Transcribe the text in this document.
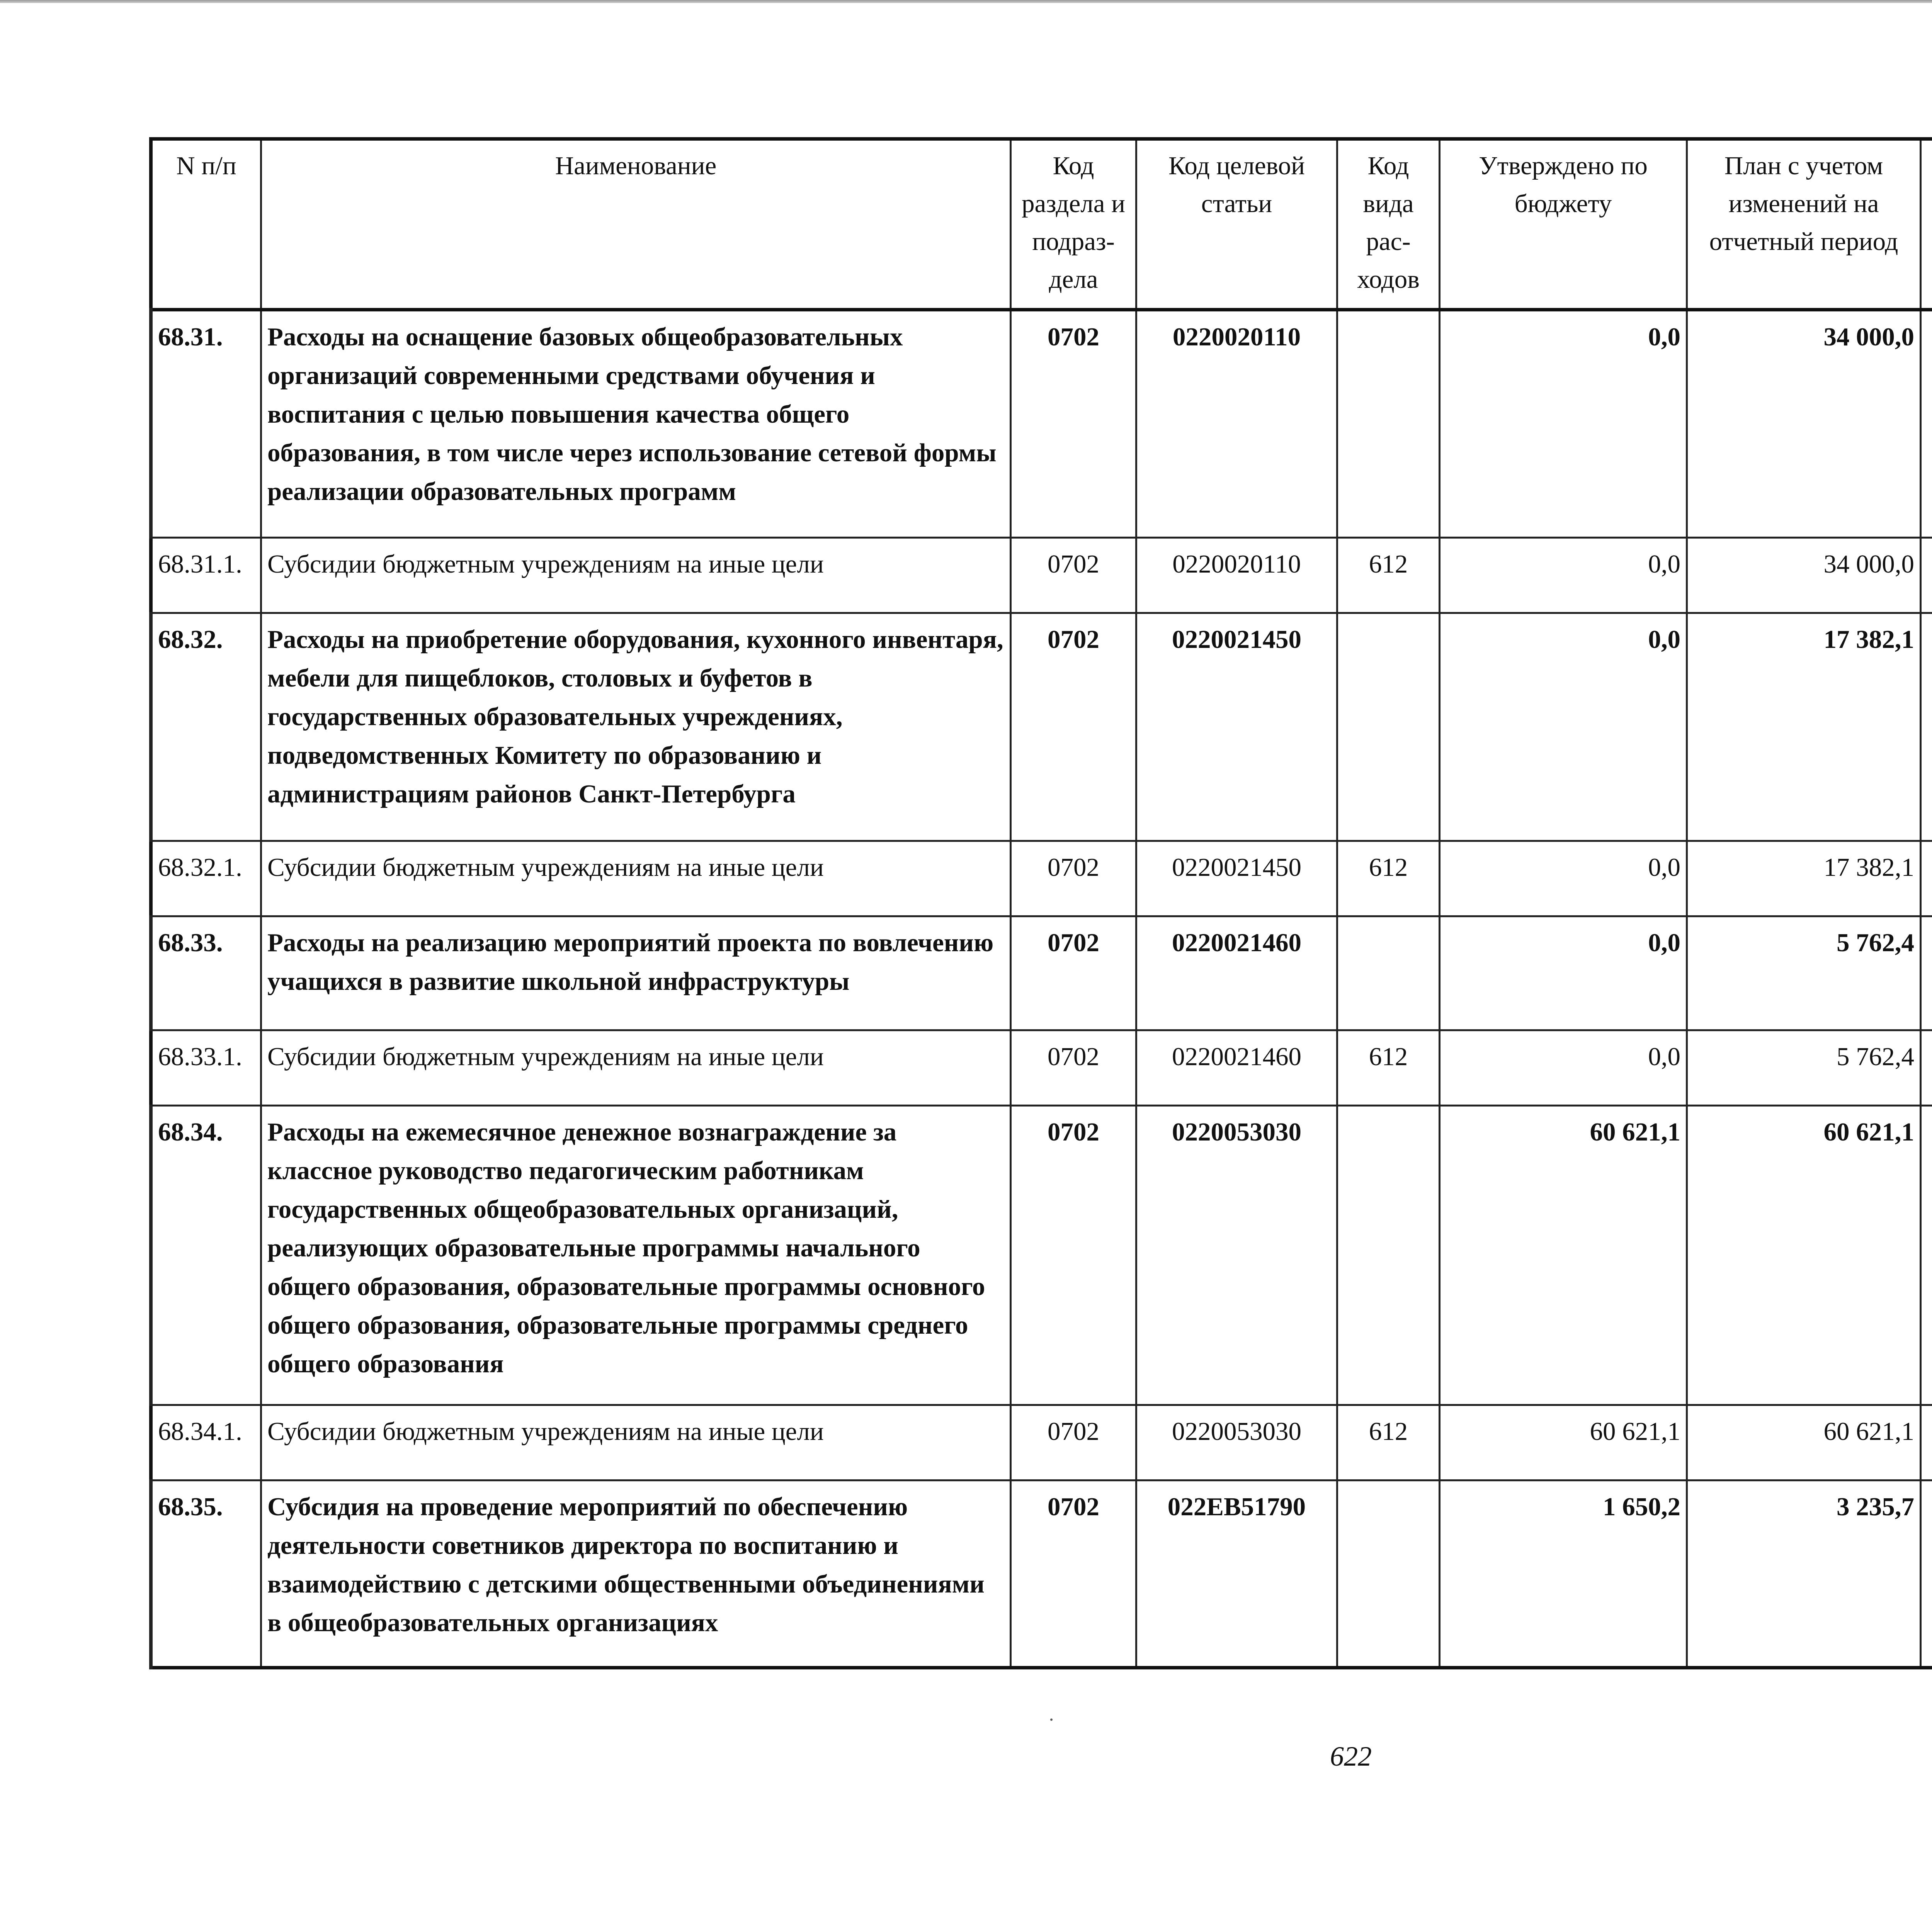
N п/п	Наименование	Код раздела и подраз-дела	Код целевой статьи	Код вида рас-ходов	Утверждено по бюджету	План с учетом изменений на отчетный период		

68.31.	Расходы на оснащение базовых общеобразовательных организаций современными средствами обучения и воспитания с целью повышения качества общего образования, в том числе через использование сетевой формы реализации образовательных программ	0702	0220020110		0,0	34 000,0			
68.31.1.	Субсидии бюджетным учреждениям на иные цели	0702	0220020110	612	0,0	34 000,0			
68.32.	Расходы на приобретение оборудования, кухонного инвентаря, мебели для пищеблоков, столовых и буфетов в государственных образовательных учреждениях, подведомственных Комитету по образованию и администрациям районов Санкт-Петербурга	0702	0220021450		0,0	17 382,1			
68.32.1.	Субсидии бюджетным учреждениям на иные цели	0702	0220021450	612	0,0	17 382,1			
68.33.	Расходы на реализацию мероприятий проекта по вовлечению учащихся в развитие школьной инфраструктуры	0702	0220021460		0,0	5 762,4			
68.33.1.	Субсидии бюджетным учреждениям на иные цели	0702	0220021460	612	0,0	5 762,4			
68.34.	Расходы на ежемесячное денежное вознаграждение за классное руководство педагогическим работникам государственных общеобразовательных организаций, реализующих образовательные программы начального общего образования, образовательные программы основного общего образования, образовательные программы среднего общего образования	0702	0220053030		60 621,1	60 621,1			
68.34.1.	Субсидии бюджетным учреждениям на иные цели	0702	0220053030	612	60 621,1	60 621,1			
68.35.	Субсидия на проведение мероприятий по обеспечению деятельности советников директора по воспитанию и взаимодействию с детскими общественными объединениями в общеобразовательных организациях	0702	022ЕВ51790		1 650,2	3 235,7			
622
